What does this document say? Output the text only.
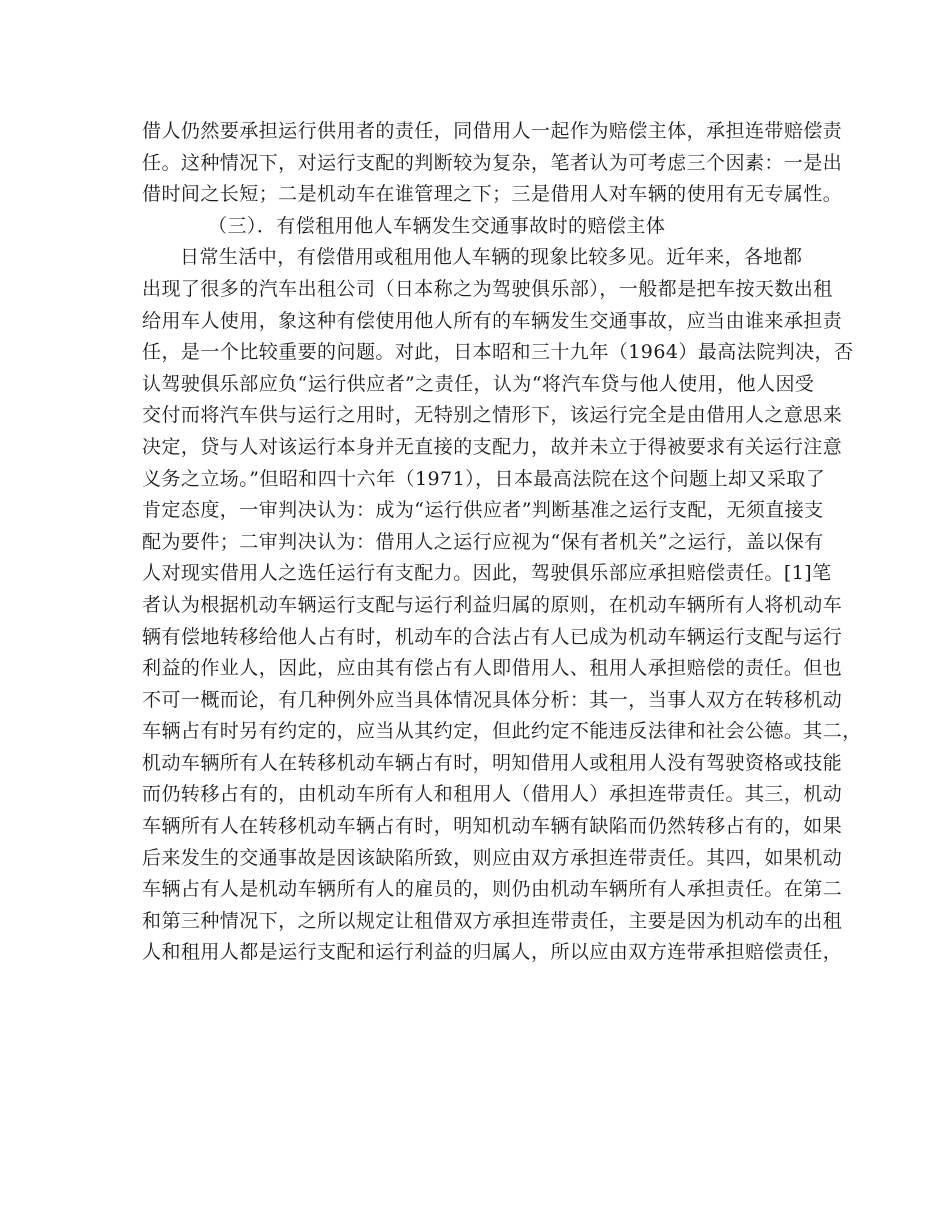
借人仍然要承担运行供用者的责任，同借用人一起作为赔偿主体，承担连带赔偿责
任。这种情况下，对运行支配的判断较为复杂，笔者认为可考虑三个因素：一是出
借时间之长短；二是机动车在谁管理之下；三是借用人对车辆的使用有无专属性。
（三）．有偿租用他人车辆发生交通事故时的赔偿主体
日常生活中，有偿借用或租用他人车辆的现象比较多见。近年来，各地都
出现了很多的汽车出租公司（日本称之为驾驶俱乐部），一般都是把车按天数出租
给用车人使用，象这种有偿使用他人所有的车辆发生交通事故，应当由谁来承担责
任，是一个比较重要的问题。对此，日本昭和三十九年（1964）最高法院判决，否
认驾驶俱乐部应负“运行供应者”之责任，认为“将汽车贷与他人使用，他人因受
交付而将汽车供与运行之用时，无特别之情形下，该运行完全是由借用人之意思来
决定，贷与人对该运行本身并无直接的支配力，故并未立于得被要求有关运行注意
义务之立场。”但昭和四十六年（1971），日本最高法院在这个问题上却又采取了
肯定态度，一审判决认为：成为“运行供应者”判断基准之运行支配，无须直接支
配为要件；二审判决认为：借用人之运行应视为“保有者机关”之运行，盖以保有
人对现实借用人之选任运行有支配力。因此，驾驶俱乐部应承担赔偿责任。[1]笔
者认为根据机动车辆运行支配与运行利益归属的原则，在机动车辆所有人将机动车
辆有偿地转移给他人占有时，机动车的合法占有人已成为机动车辆运行支配与运行
利益的作业人，因此，应由其有偿占有人即借用人、租用人承担赔偿的责任。但也
不可一概而论，有几种例外应当具体情况具体分析：其一，当事人双方在转移机动
车辆占有时另有约定的，应当从其约定，但此约定不能违反法律和社会公德。其二，
机动车辆所有人在转移机动车辆占有时，明知借用人或租用人没有驾驶资格或技能
而仍转移占有的，由机动车所有人和租用人（借用人）承担连带责任。其三，机动
车辆所有人在转移机动车辆占有时，明知机动车辆有缺陷而仍然转移占有的，如果
后来发生的交通事故是因该缺陷所致，则应由双方承担连带责任。其四，如果机动
车辆占有人是机动车辆所有人的雇员的，则仍由机动车辆所有人承担责任。在第二
和第三种情况下，之所以规定让租借双方承担连带责任，主要是因为机动车的出租
人和租用人都是运行支配和运行利益的归属人，所以应由双方连带承担赔偿责任，
